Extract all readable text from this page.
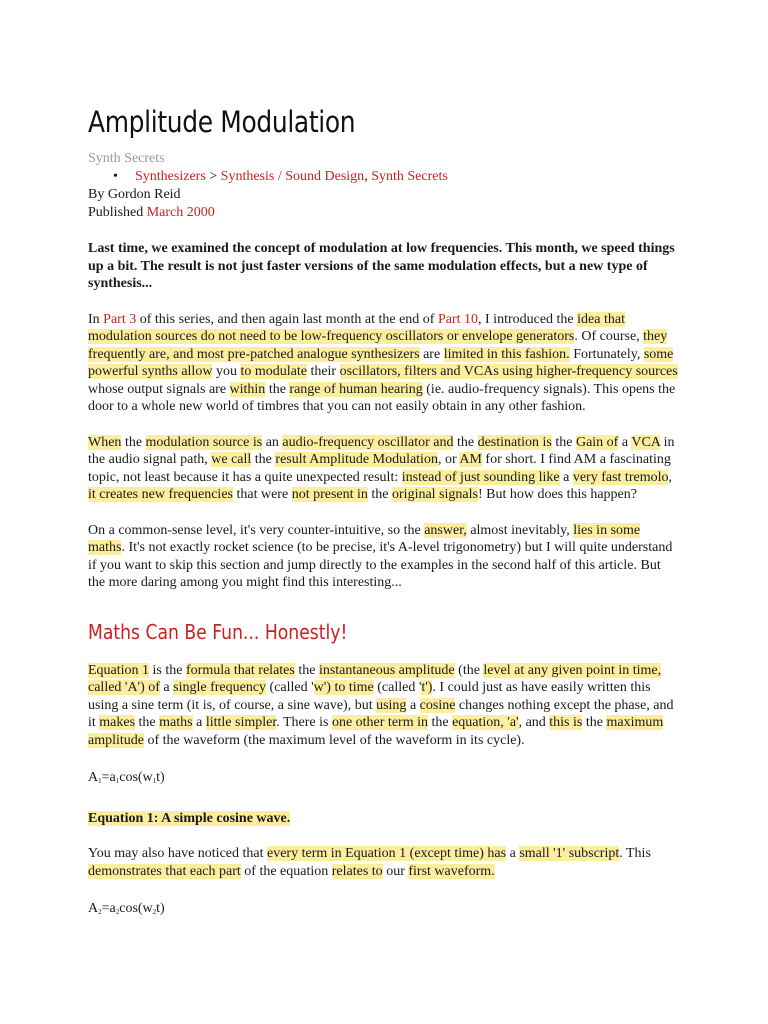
Amplitude Modulation
Synth Secrets
• Synthesizers > Synthesis / Sound Design, Synth Secrets
By Gordon Reid
Published March 2000

Last time, we examined the concept of modulation at low frequencies. This month, we speed things up a bit. The result is not just faster versions of the same modulation effects, but a new type of synthesis...

In Part 3 of this series, and then again last month at the end of Part 10, I introduced the idea that modulation sources do not need to be low-frequency oscillators or envelope generators. Of course, they frequently are, and most pre-patched analogue synthesizers are limited in this fashion. Fortunately, some powerful synths allow you to modulate their oscillators, filters and VCAs using higher-frequency sources whose output signals are within the range of human hearing (ie. audio-frequency signals). This opens the door to a whole new world of timbres that you can not easily obtain in any other fashion.

When the modulation source is an audio-frequency oscillator and the destination is the Gain of a VCA in the audio signal path, we call the result Amplitude Modulation, or AM for short. I find AM a fascinating topic, not least because it has a quite unexpected result: instead of just sounding like a very fast tremolo, it creates new frequencies that were not present in the original signals! But how does this happen?

On a common-sense level, it's very counter-intuitive, so the answer, almost inevitably, lies in some maths. It's not exactly rocket science (to be precise, it's A-level trigonometry) but I will quite understand if you want to skip this section and jump directly to the examples in the second half of this article. But the more daring among you might find this interesting...

Maths Can Be Fun... Honestly!

Equation 1 is the formula that relates the instantaneous amplitude (the level at any given point in time, called 'A') of a single frequency (called 'w') to time (called 't'). I could just as have easily written this using a sine term (it is, of course, a sine wave), but using a cosine changes nothing except the phase, and it makes the maths a little simpler. There is one other term in the equation, 'a', and this is the maximum amplitude of the waveform (the maximum level of the waveform in its cycle).

$A_1=a_1\cos(w_1t)$

Equation 1: A simple cosine wave.

You may also have noticed that every term in Equation 1 (except time) has a small '1' subscript. This demonstrates that each part of the equation relates to our first waveform.

$A_2=a_2\cos(w_2t)$
